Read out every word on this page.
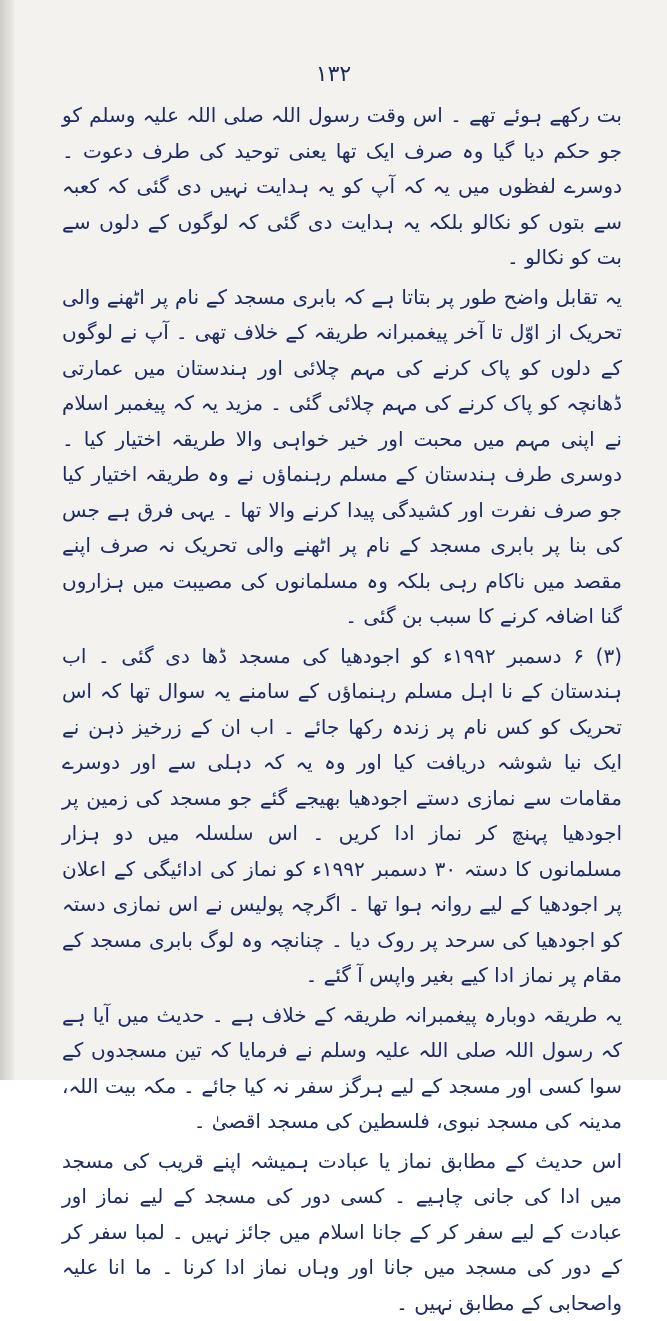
۱۳۲

بت رکھے ہوئے تھے ۔ اس وقت رسول اللہ صلی اللہ علیہ وسلم کو جو حکم دیا گیا وہ صرف ایک تھا یعنی توحید کی طرف دعوت ۔ دوسرے لفظوں میں یہ کہ آپ کو یہ ہدایت نہیں دی گئی کہ کعبہ سے بتوں کو نکالو بلکہ یہ ہدایت دی گئی کہ لوگوں کے دلوں سے بت کو نکالو ۔

یہ تقابل واضح طور پر بتاتا ہے کہ بابری مسجد کے نام پر اٹھنے والی تحریک از اوّل تا آخر پیغمبرانہ طریقہ کے خلاف تھی ۔ آپ نے لوگوں کے دلوں کو پاک کرنے کی مہم چلائی اور ہندستان میں عمارتی ڈھانچہ کو پاک کرنے کی مہم چلائی گئی ۔ مزید یہ کہ پیغمبر اسلام نے اپنی مہم میں محبت اور خیر خواہی والا طریقہ اختیار کیا ۔ دوسری طرف ہندستان کے مسلم رہنماؤں نے وہ طریقہ اختیار کیا جو صرف نفرت اور کشیدگی پیدا کرنے والا تھا ۔ یہی فرق ہے جس کی بنا پر بابری مسجد کے نام پر اٹھنے والی تحریک نہ صرف اپنے مقصد میں ناکام رہی بلکہ وہ مسلمانوں کی مصیبت میں ہزاروں گنا اضافہ کرنے کا سبب بن گئی ۔

(۳) ۶ دسمبر ۱۹۹۲ء کو اجودھیا کی مسجد ڈھا دی گئی ۔ اب ہندستان کے نا اہل مسلم رہنماؤں کے سامنے یہ سوال تھا کہ اس تحریک کو کس نام پر زندہ رکھا جائے ۔ اب ان کے زرخیز ذہن نے ایک نیا شوشہ دریافت کیا اور وہ یہ کہ دہلی سے اور دوسرے مقامات سے نمازی دستے اجودھیا بھیجے گئے جو مسجد کی زمین پر اجودھیا پہنچ کر نماز ادا کریں ۔ اس سلسلہ میں دو ہزار مسلمانوں کا دستہ ۳۰ دسمبر ۱۹۹۲ء کو نماز کی ادائیگی کے اعلان پر اجودھیا کے لیے روانہ ہوا تھا ۔ اگرچہ پولیس نے اس نمازی دستہ کو اجودھیا کی سرحد پر روک دیا ۔ چنانچہ وہ لوگ بابری مسجد کے مقام پر نماز ادا کیے بغیر واپس آ گئے ۔

یہ طریقہ دوبارہ پیغمبرانہ طریقہ کے خلاف ہے ۔ حدیث میں آیا ہے کہ رسول اللہ صلی اللہ علیہ وسلم نے فرمایا کہ تین مسجدوں کے سوا کسی اور مسجد کے لیے ہرگز سفر نہ کیا جائے ۔ مکہ بیت اللہ، مدینہ کی مسجد نبوی، فلسطین کی مسجد اقصیٰ ۔

اس حدیث کے مطابق نماز یا عبادت ہمیشہ اپنے قریب کی مسجد میں ادا کی جانی چاہیے ۔ کسی دور کی مسجد کے لیے نماز اور عبادت کے لیے سفر کر کے جانا اسلام میں جائز نہیں ۔ لمبا سفر کر کے دور کی مسجد میں جانا اور وہاں نماز ادا کرنا ۔ ما انا علیہ واصحابی کے مطابق نہیں ۔
